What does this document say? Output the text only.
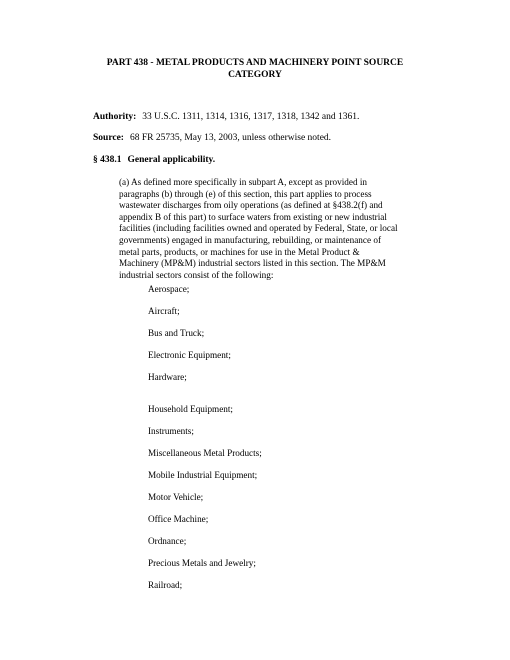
PART 438 - METAL PRODUCTS AND MACHINERY POINT SOURCE
CATEGORY
Authority: 33 U.S.C. 1311, 1314, 1316, 1317, 1318, 1342 and 1361.
Source: 68 FR 25735, May 13, 2003, unless otherwise noted.
§ 438.1 General applicability.
(a) As defined more specifically in subpart A, except as provided in paragraphs (b) through (e) of this section, this part applies to process wastewater discharges from oily operations (as defined at §438.2(f) and appendix B of this part) to surface waters from existing or new industrial facilities (including facilities owned and operated by Federal, State, or local governments) engaged in manufacturing, rebuilding, or maintenance of metal parts, products, or machines for use in the Metal Product & Machinery (MP&M) industrial sectors listed in this section. The MP&M industrial sectors consist of the following:
Aerospace;
Aircraft;
Bus and Truck;
Electronic Equipment;
Hardware;
Household Equipment;
Instruments;
Miscellaneous Metal Products;
Mobile Industrial Equipment;
Motor Vehicle;
Office Machine;
Ordnance;
Precious Metals and Jewelry;
Railroad;
